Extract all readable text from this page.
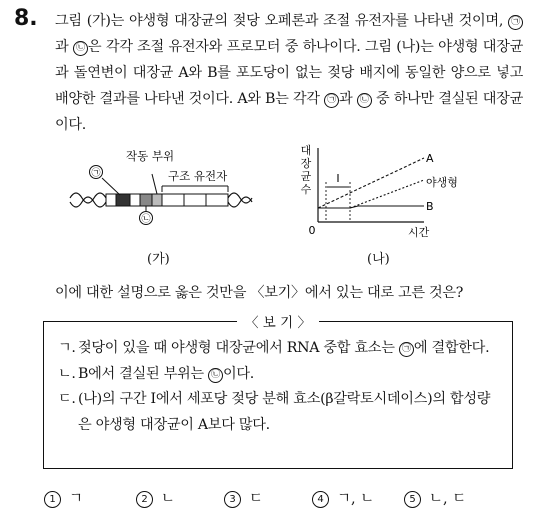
8. 그림 (가)는 야생형 대장균의 젖당 오페론과 조절 유전자를 나타낸 것이며, ㉠과 ㉡ 은 각각 조절 유전자와 프로모터 중 하나이다. 그림 (나)는 야생형 대장균과 돌연변이 대장균 A와 B를 포도당이 없는 젖당 배지에 동일한 양으로 넣고 배양한 결과를 나타낸 것이다. A와 B는 각각 ㉠ 과 ㉡ 중 하나만 결실된 대장균이다.

작동 부위
구조 유전자
㉠
㉡
(가)
대
장
균
수
Ⅰ
A
야생형
B
0	시간
(나)
이에 대한 설명으로 옳은 것만을 〈보기〉에서 있는 대로 고른 것은?
〈 보 기 〉
ㄱ. 젖당이 있을 때 야생형 대장균에서 RNA 중합 효소는 ㉠ 에 결합한다.
ㄴ. B에서 결실된 부위는 ㉡ 이다.
ㄷ. (나)의 구간 Ⅰ에서 세포당 젖당 분해 효소(β갈락토시데이스)의 합성량은 야생형 대장균이 A보다 많다.
1 ㄱ	2 ㄴ	3 ㄷ	4 ㄱ, ㄴ	5 ㄴ, ㄷ
